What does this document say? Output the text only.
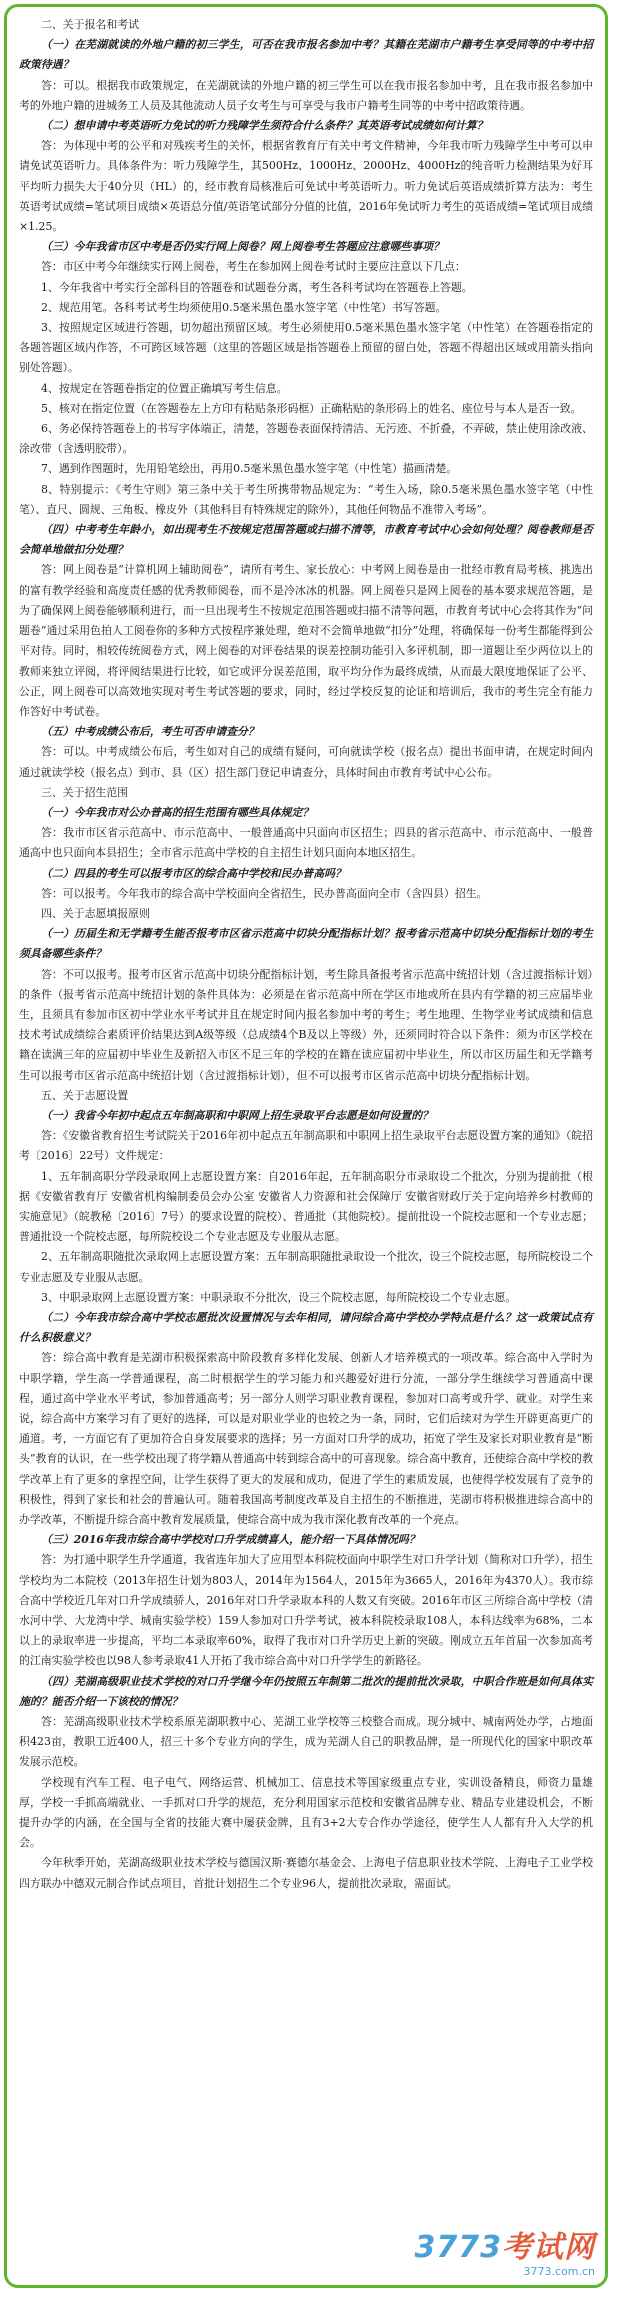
二、关于报名和考试

（一）在芜湖就读的外地户籍的初三学生，可否在我市报名参加中考？其籍在芜湖市户籍考生享受同等的中考中招政策待遇？

答：可以。根据我市政策规定，在芜湖就读的外地户籍的初三学生可以在我市报名参加中考，且在我市报名参加中考的外地户籍的进城务工人员及其他流动人员子女考生与可享受与我市户籍考生同等的中考中招政策待遇。

（二）想申请中考英语听力免试的听力残障学生须符合什么条件？其英语考试成绩如何计算？

答：为体现中考的公平和对残疾考生的关怀，根据省教育厅有关中考文件精神，今年我市听力残障学生中考可以申请免试英语听力。具体条件为：听力残障学生，其500Hz、1000Hz、2000Hz、4000Hz的纯音听力检测结果为好耳平均听力损失大于40分贝（HL）的，经市教育局核准后可免试中考英语听力。听力免试后英语成绩折算方法为：考生英语考试成绩=笔试项目成绩×英语总分值/英语笔试部分分值的比值，2016年免试听力考生的英语成绩=笔试项目成绩×1.25。

（三）今年我省市区中考是否仍实行网上阅卷？网上阅卷考生答题应注意哪些事项？

答：市区中考今年继续实行网上阅卷，考生在参加网上阅卷考试时主要应注意以下几点：

1、今年我省中考实行全部科目的答题卷和试题卷分离，考生各科考试均在答题卷上答题。

2、规范用笔。各科考试考生均须使用0.5毫米黑色墨水签字笔（中性笔）书写答题。

3、按照规定区域进行答题，切勿超出预留区域。考生必须使用0.5毫米黑色墨水签字笔（中性笔）在答题卷指定的各题答题区域内作答，不可跨区域答题（这里的答题区域是指答题卷上预留的留白处，答题不得超出区域或用箭头指向别处答题）。

4、按规定在答题卷指定的位置正确填写考生信息。

5、核对在指定位置（在答题卷左上方印有粘贴条形码框）正确粘贴的条形码上的姓名、座位号与本人是否一致。

6、务必保持答题卷上的书写字体端正，清楚，答题卷表面保持清洁、无污迹、不折叠，不弄破，禁止使用涂改液、涂改带（含透明胶带）。

7、遇到作图题时，先用铅笔绘出，再用0.5毫米黑色墨水签字笔（中性笔）描画清楚。

8、特别提示：《考生守则》第三条中关于考生所携带物品规定为：“考生入场，除0.5毫米黑色墨水签字笔（中性笔）、直尺、圆规、三角板、橡皮外（其他科目有特殊规定的除外），其他任何物品不准带入考场”。

（四）中考考生年龄小，如出现考生不按规定范围答题或扫描不清等，市教育考试中心会如何处理？阅卷教师是否会简单地做扣分处理？

答：网上阅卷是“计算机网上辅助阅卷”，请所有考生、家长放心：中考网上阅卷是由一批经市教育局考核、挑选出的富有教学经验和高度责任感的优秀教师阅卷，而不是冷冰冰的机器。网上阅卷只是网上阅卷的基本要求规范答题，是为了确保网上阅卷能够顺利进行，而一旦出现考生不按规定范围答题或扫描不清等问题，市教育考试中心会将其作为“问题卷”通过采用色拍人工阅卷你的多种方式按程序兼处理，绝对不会简单地做“扣分”处理，将确保每一份考生都能得到公平对待。同时，相较传统阅卷方式，网上阅卷的对评卷结果的误差控制功能引入多评机制，即一道题让至少两位以上的教师来独立评阅，将评阅结果进行比较，如它或评分误差范围，取平均分作为最终成绩，从而最大限度地保证了公平、公正，网上阅卷可以高效地实现对考生考试答题的要求，同时，经过学校反复的论证和培训后，我市的考生完全有能力作答好中考试卷。

（五）中考成绩公布后，考生可否申请查分？

答：可以。中考成绩公布后，考生如对自己的成绩有疑问，可向就读学校（报名点）提出书面申请，在规定时间内通过就读学校（报名点）到市、县（区）招生部门登记申请查分，具体时间由市教育考试中心公布。

三、关于招生范围

（一）今年我市对公办普高的招生范围有哪些具体规定？

答：我市市区省示范高中、市示范高中、一般普通高中只面向市区招生；四县的省示范高中、市示范高中、一般普通高中也只面向本县招生；全市省示范高中学校的自主招生计划只面向本地区招生。

（二）四县的考生可以报考市区的综合高中学校和民办普高吗？

答：可以报考。今年我市的综合高中学校面向全省招生，民办普高面向全市（含四县）招生。

四、关于志愿填报原则

（一）历届生和无学籍考生能否报考市区省示范高中切块分配指标计划？报考省示范高中切块分配指标计划的考生须具备哪些条件？

答：不可以报考。报考市区省示范高中切块分配指标计划，考生除具备报考省示范高中统招计划（含过渡指标计划）的条件（报考省示范高中统招计划的条件具体为：必须是在省示范高中所在学区市地或所在县内有学籍的初三应届毕业生，且须具有参加市区初中学业水平考试并且在规定时间内报名参加中考的考生；考生地理、生物学业考试成绩和信息技术考试成绩综合素质评价结果达到A级等级（总成绩4个B及以上等级）外，还须同时符合以下条件：须为市区学校在籍在读满三年的应届初中毕业生及新招入市区不足三年的学校的在籍在读应届初中毕业生，所以市区历届生和无学籍考生可以报考市区省示范高中统招计划（含过渡指标计划），但不可以报考市区省示范高中切块分配指标计划。

五、关于志愿设置

（一）我省今年初中起点五年制高职和中职网上招生录取平台志愿是如何设置的？

答：《安徽省教育招生考试院关于2016年初中起点五年制高职和中职网上招生录取平台志愿设置方案的通知》（皖招考〔2016〕22号）文件规定：

1、五年制高职分学段录取网上志愿设置方案：自2016年起，五年制高职分市录取设二个批次，分别为提前批（根据《安徽省教育厅 安徽省机构编制委员会办公室 安徽省人力资源和社会保障厅 安徽省财政厅关于定向培养乡村教师的实施意见》（皖教秘〔2016〕7号）的要求设置的院校）、普通批（其他院校）。提前批设一个院校志愿和一个专业志愿；普通批设一个院校志愿，每所院校设二个专业志愿及专业服从志愿。

2、五年制高职随批次录取网上志愿设置方案：五年制高职随批录取设一个批次，设三个院校志愿，每所院校设二个专业志愿及专业服从志愿。

3、中职录取网上志愿设置方案：中职录取不分批次，设三个院校志愿，每所院校设二个专业志愿。

（二）今年我市综合高中学校志愿批次设置情况与去年相同，请问综合高中学校办学特点是什么？这一政策试点有什么积极意义？

答：综合高中教育是芜湖市积极探索高中阶段教育多样化发展、创新人才培养模式的一项改革。综合高中入学时为中职学籍，学生高一学普通课程，高二时根据学生的学习能力和兴趣爱好进行分流，一部分学生继续学习普通高中课程，通过高中学业水平考试，参加普通高考；另一部分人则学习职业教育课程，参加对口高考或升学、就业。对学生来说，综合高中方案学习有了更好的选择，可以是对职业学业的也较之为一条，同时，它们后续对为学生开辟更高更广的通道。考，一方面它有了更加符合自身发展要求的选择；另一方面对口升学的成功，拓宽了学生及家长对职业教育是“断头”教育的认识，在一些学校出现了将学籍从普通高中转到综合高中的可喜现象。综合高中教育，还使综合高中学校的教学改革上有了更多的拿捏空间，让学生获得了更大的发展和成功，促进了学生的素质发展，也使得学校发展有了竞争的积极性，得到了家长和社会的普遍认可。随着我国高考制度改革及自主招生的不断推进，芜湖市将积极推进综合高中的办学改革，不断提升综合高中教育发展质量，使综合高中成为我市深化教育改革的一个亮点。

（三）2016年我市综合高中学校对口升学成绩喜人，能介绍一下具体情况吗？

答：为打通中职学生升学通道，我省连年加大了应用型本科院校面向中职学生对口升学计划（简称对口升学），招生学校均为二本院校（2013年招生计划为803人，2014年为1564人，2015年为3665人，2016年为4370人）。我市综合高中学校近几年对口升学成绩骄人，2016年对口升学录取本科的人数又有突破。2016年市区三所综合高中学校（清水河中学、大龙湾中学、城南实验学校）159人参加对口升学考试，被本科院校录取108人，本科达线率为68%，二本以上的录取率进一步提高，平均二本录取率60%，取得了我市对口升学历史上新的突破。刚成立五年首届一次参加高考的江南实验学校也以98人参考录取41人开拓了我市综合高中对口升学学生的新路径。

（四）芜湖高级职业技术学校的对口升学继今年仍按照五年制第二批次的提前批次录取，中职合作班是如何具体实施的？能否介绍一下该校的情况？

答：芜湖高级职业技术学校系原芜湖职教中心、芜湖工业学校等三校整合而成。现分城中、城南两处办学，占地面积423亩，教职工近400人，招三十多个专业方向的学生，成为芜湖人自己的职教品牌，是一所现代化的国家中职改革发展示范校。

学校现有汽车工程、电子电气、网络运营、机械加工、信息技术等国家级重点专业，实训设备精良，师资力量雄厚，学校一手抓高端就业、一手抓对口升学的规范，充分利用国家示范校和安徽省品牌专业、精品专业建设机会，不断提升办学的内涵，在全国与全省的技能大赛中屡获金牌，且有3+2大专合作办学途径，使学生人人都有升入大学的机会。

今年秋季开始，芜湖高级职业技术学校与德国汉斯·赛德尔基金会、上海电子信息职业技术学院、上海电子工业学校四方联办中德双元制合作试点项目，首批计划招生二个专业96人，提前批次录取，需面试。

3773考试网
3773.com.cn
